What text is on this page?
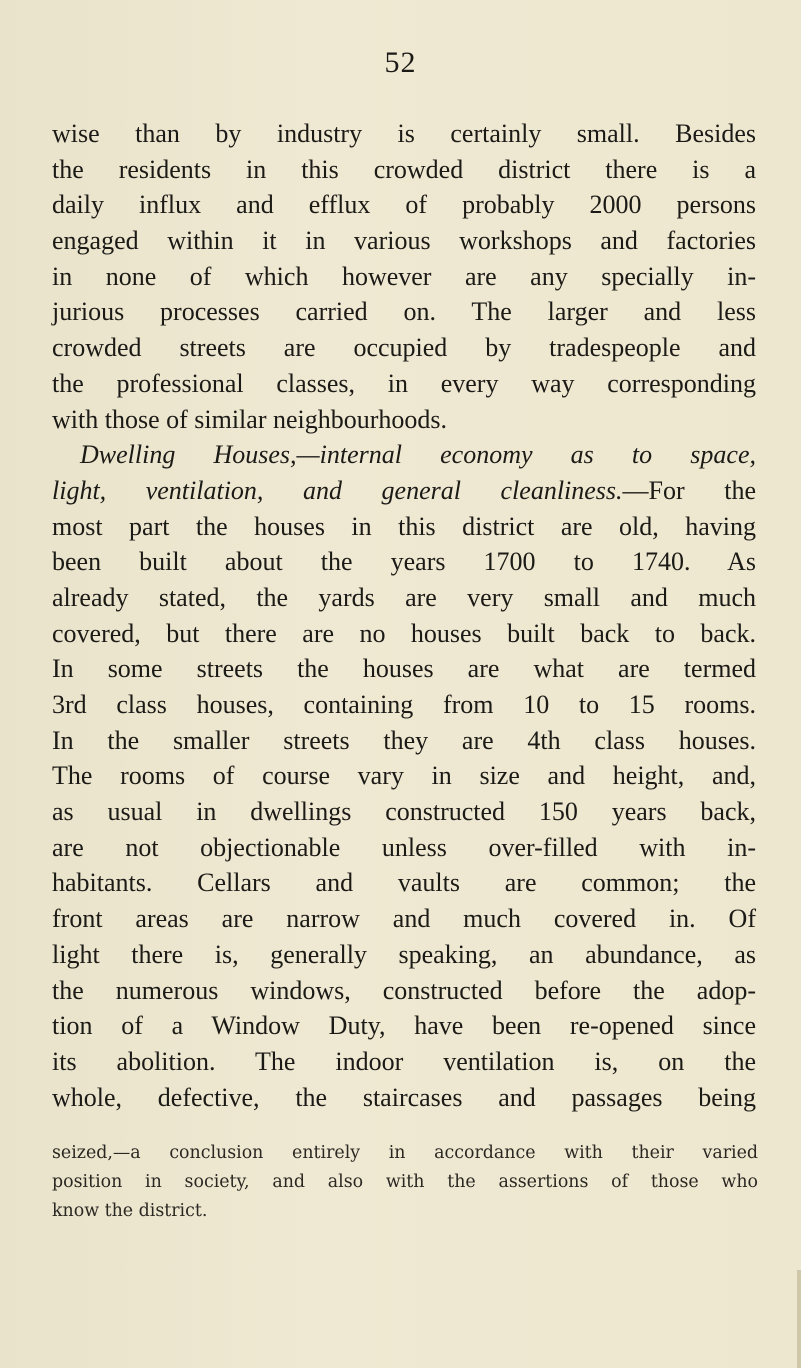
52
wise than by industry is certainly small. Besides
the residents in this crowded district there is a
daily influx and efflux of probably 2000 persons
engaged within it in various workshops and factories
in none of which however are any specially in-
jurious processes carried on. The larger and less
crowded streets are occupied by tradespeople and
the professional classes, in every way corresponding
with those of similar neighbourhoods.
Dwelling Houses,—internal economy as to space,
light, ventilation, and general cleanliness.—For the
most part the houses in this district are old, having
been built about the years 1700 to 1740. As
already stated, the yards are very small and much
covered, but there are no houses built back to back.
In some streets the houses are what are termed
3rd class houses, containing from 10 to 15 rooms.
In the smaller streets they are 4th class houses.
The rooms of course vary in size and height, and,
as usual in dwellings constructed 150 years back,
are not objectionable unless over-filled with in-
habitants. Cellars and vaults are common; the
front areas are narrow and much covered in. Of
light there is, generally speaking, an abundance, as
the numerous windows, constructed before the adop-
tion of a Window Duty, have been re-opened since
its abolition. The indoor ventilation is, on the
whole, defective, the staircases and passages being
seized,—a conclusion entirely in accordance with their varied
position in society, and also with the assertions of those who
know the district.
